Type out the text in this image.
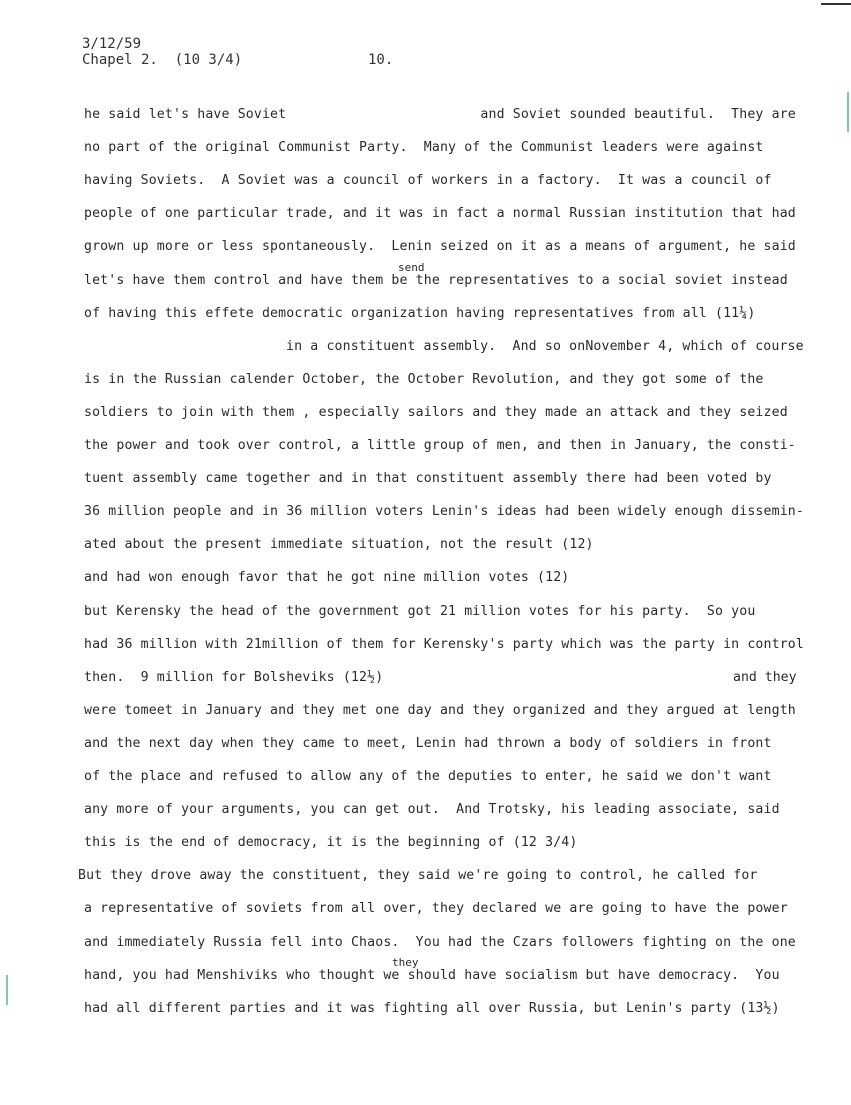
3/12/59
Chapel 2.  (10 3/4)	10.
he said let's have Soviet                        and Soviet sounded beautiful.  They are
no part of the original Communist Party.  Many of the Communist leaders were against
having Soviets.  A Soviet was a council of workers in a factory.  It was a council of
people of one particular trade, and it was in fact a normal Russian institution that had
grown up more or less spontaneously.  Lenin seized on it as a means of argument, he said
let's have them control and have them be the representatives to a social soviet instead
send
of having this effete democratic organization having representatives from all (11¼)
in a constituent assembly.  And so onNovember 4, which of course
is in the Russian calender October, the October Revolution, and they got some of the
soldiers to join with them , especially sailors and they made an attack and they seized
the power and took over control, a little group of men, and then in January, the consti-
tuent assembly came together and in that constituent assembly there had been voted by
36 million people and in 36 million voters Lenin's ideas had been widely enough dissemin-
ated about the present immediate situation, not the result (12)
and had won enough favor that he got nine million votes (12)
but Kerensky the head of the government got 21 million votes for his party.  So you
had 36 million with 21million of them for Kerensky's party which was the party in control
then.  9 million for Bolsheviks (12½)	and they
were tomeet in January and they met one day and they organized and they argued at length
and the next day when they came to meet, Lenin had thrown a body of soldiers in front
of the place and refused to allow any of the deputies to enter, he said we don't want
any more of your arguments, you can get out.  And Trotsky, his leading associate, said
this is the end of democracy, it is the beginning of (12 3/4)
But they drove away the constituent, they said we're going to control, he called for
a representative of soviets from all over, they declared we are going to have the power
and immediately Russia fell into Chaos.  You had the Czars followers fighting on the one
hand, you had Menshiviks who thought we should have socialism but have democracy.  You
they
had all different parties and it was fighting all over Russia, but Lenin's party (13½)
